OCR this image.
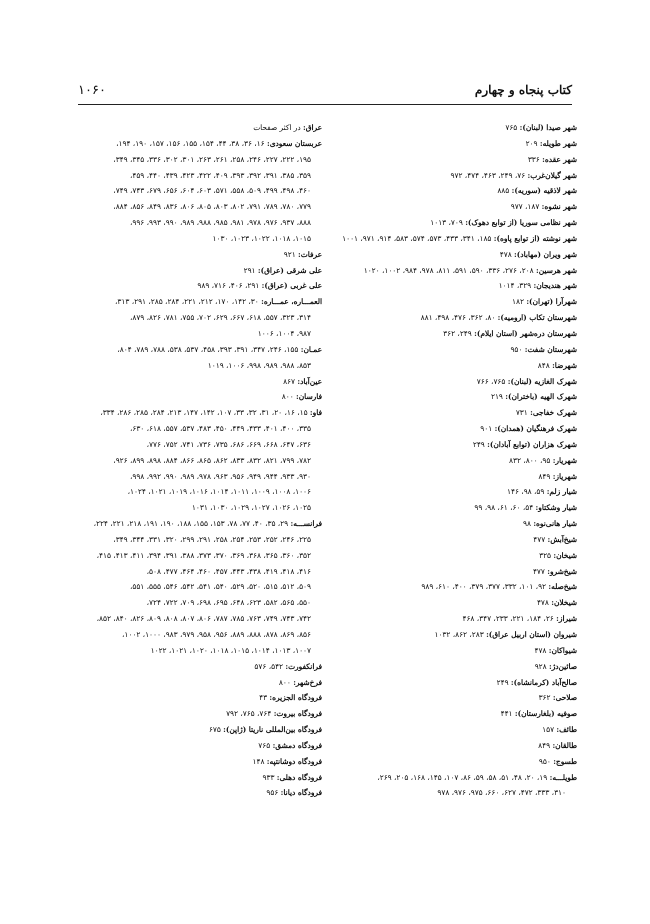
۱۰۶۰	کتاب پنجاه و چهارم
شهر صیدا (لبنان): ۷۶۵
شهر طویله: ۲۰۹
شهر عقده: ۳۳۶
شهر گیلان‌غرب: ۷۶، ۲۴۹، ۴۶۳، ۴۷۴، ۹۷۲
شهر لاذقیه (سوریه): ۸۸۵
شهر نشوه: ۱۸۷، ۹۷۷
شهر نظامی سوریا (از توابع دهوک): ۷۰۹، ۱۰۱۳
شهر نوشته (از توابع پاوه): ۱۸۵، ۳۴۱، ۴۳۳، ۵۷۳، ۵۷۴، ۵۸۳، ۹۱۴، ۹۷۱، ۱۰۰۱
شهر ویران (مهاباد): ۴۷۸
شهر هرسین: ۲۰۸، ۲۷۶، ۳۳۶، ۵۹۰، ۵۹۱، ۸۱۱، ۹۷۸، ۹۸۴، ۱۰۰۲، ۱۰۲۰
شهر هندیجان: ۳۲۹، ۱۰۱۴
شهرآرا (تهران): ۱۸۲
شهرستان تکاب (ارومیه): ۸۰، ۳۶۲، ۴۷۶، ۴۹۸، ۸۸۱
شهرستان دره‌شهر (استان ایلام): ۲۴۹، ۳۶۲
شهرستان شفت: ۹۵۰
شهرضا: ۸۴۸
شهرک الغازیه (لبنان): ۷۶۵، ۷۶۶
شهرک الهیه (باختران): ۲۱۹
شهرک خفاجی: ۷۳۱
شهرک فرهنگیان (همدان): ۹۰۱
شهرک هزاران (توابع آبادان): ۲۴۹
شهریار: ۹۵، ۸۰۰، ۸۳۲
شهریاز: ۸۴۹
شیار زلم: ۵۹، ۹۸، ۱۴۶
شیار وشکتاو: ۵۴، ۶۰، ۶۱، ۹۸، ۹۹
شیار هانی‌نوه: ۹۸
شیخ‌آبش: ۴۷۷
شیخان: ۳۲۵
شیخ‌شرو: ۴۷۷
شیخ‌صله: ۹۲، ۱۰۱، ۳۳۲، ۳۷۷، ۳۷۹، ۴۰۰، ۶۱۰، ۹۸۹
شیخلان: ۴۷۸
شیراز: ۲۶، ۱۸۴، ۲۲۱، ۲۳۳، ۳۴۷، ۴۶۸
شیروان (استان اربیل عراق): ۲۸۳، ۸۶۲، ۱۰۳۲
شیواکان: ۴۷۸
صائین‌دژ: ۹۲۸
صالح‌آباد (کرمانشاه): ۲۴۹
صلاحی: ۳۶۲
صوفیه (بلغارستان): ۴۴۱
طائف: ۱۵۷
طالقان: ۸۴۹
طسوج: ۹۵۰
طویلـــه: ۱۹، ۲۰، ۴۸، ۵۱، ۵۸، ۵۹، ۸۶، ۱۰۷، ۱۴۵، ۱۶۸، ۲۰۵، ۲۶۹،
۳۱۰، ۳۳۳، ۴۷۲، ۶۲۷، ۶۶۰، ۹۷۵، ۹۷۶، ۹۷۸
عراق: در اکثر صفحات
عربستان سعودی: ۱۶، ۳۶، ۳۸، ۴۴، ۱۵۴، ۱۵۵، ۱۵۶، ۱۵۷، ۱۹۰، ۱۹۴،
۱۹۵، ۲۲۲، ۲۲۷، ۲۴۶، ۲۵۸، ۲۶۱، ۲۶۳، ۳۰۱، ۳۰۲، ۳۳۶، ۳۴۵، ۳۴۹،
۳۵۹، ۳۸۵، ۳۹۱، ۳۹۲، ۳۹۳، ۴۰۹، ۴۲۲، ۴۲۳، ۴۳۹، ۴۴۰، ۴۵۹،
۴۶۰، ۴۹۸، ۴۹۹، ۵۰۹، ۵۵۸، ۵۷۱، ۶۰۳، ۶۰۴، ۶۵۶، ۶۷۹، ۷۴۳، ۷۴۹،
۷۷۹، ۷۸۰، ۷۸۹، ۷۹۱، ۸۰۲، ۸۰۳، ۸۰۵، ۸۰۶، ۸۳۶، ۸۴۹، ۸۵۶، ۸۸۴،
۸۸۸، ۹۳۷، ۹۷۶، ۹۷۸، ۹۸۱، ۹۸۵، ۹۸۸، ۹۸۹، ۹۹۰، ۹۹۳، ۹۹۶،
۱۰۱۵، ۱۰۱۸، ۱۰۲۲، ۱۰۲۳، ۱۰۳۰
عرفات: ۹۲۱
علی شرقی (عراق): ۲۹۱
علی غربی (عراق): ۲۹۱، ۴۰۶، ۷۱۶، ۹۸۹
العمـــاره، عمـــاره: ۳۰، ۱۴۲، ۱۷۰، ۲۱۲، ۲۲۱، ۲۸۴، ۲۸۵، ۲۹۱، ۳۱۳،
۳۱۴، ۳۲۳، ۵۵۷، ۶۱۸، ۶۶۷، ۶۲۹، ۷۰۲، ۷۵۵، ۷۸۱، ۸۲۶، ۸۷۹،
۹۸۷، ۱۰۰۴، ۱۰۰۶
عمـان: ۱۵۵، ۲۴۶، ۳۴۷، ۳۹۱، ۳۹۳، ۴۵۸، ۵۳۷، ۵۳۸، ۷۸۸، ۷۸۹، ۸۰۴،
۸۵۳، ۹۸۸، ۹۸۹، ۹۹۸، ۱۰۰۶، ۱۰۱۹
عین‌آباد: ۸۶۷
فارسان: ۸۰۰
فاو: ۱۵، ۱۶، ۲۰، ۳۱، ۳۲، ۳۳، ۱۰۷، ۱۴۲، ۱۴۷، ۲۱۳، ۲۸۴، ۲۸۵، ۲۸۶، ۳۳۴،
۳۳۵، ۴۰۰، ۴۰۱، ۴۳۳، ۴۴۹، ۴۵۰، ۴۸۳، ۵۳۷، ۵۵۷، ۶۱۸، ۶۳۰،
۶۳۶، ۶۴۷، ۶۶۸، ۶۶۹، ۶۸۶، ۷۳۵، ۷۳۶، ۷۴۱، ۷۵۲، ۷۷۶،
۷۸۲، ۷۹۹، ۸۲۱، ۸۳۲، ۸۳۳، ۸۶۲، ۸۶۵، ۸۶۶، ۸۸۴، ۸۹۸، ۸۹۹، ۹۲۶،
۹۳۰، ۹۳۳، ۹۴۴، ۹۴۹، ۹۵۶، ۹۶۳، ۹۷۸، ۹۸۹، ۹۹۰، ۹۹۲، ۹۹۸،
۱۰۰۶، ۱۰۰۸، ۱۰۰۹، ۱۰۱۱، ۱۰۱۴، ۱۰۱۶، ۱۰۱۹، ۱۰۲۱، ۱۰۲۴،
۱۰۲۵، ۱۰۲۶، ۱۰۲۷، ۱۰۲۹، ۱۰۳۰، ۱۰۳۱
فرانســـه: ۲۹، ۳۵، ۴۰، ۷۷، ۷۸، ۱۵۳، ۱۵۵، ۱۸۸، ۱۹۰، ۱۹۱، ۲۱۸، ۲۲۱، ۲۲۴،
۲۲۵، ۲۴۶، ۲۵۲، ۲۵۳، ۲۵۴، ۲۵۸، ۲۹۱، ۲۹۹، ۳۲۰، ۳۳۱، ۳۴۴، ۳۴۹،
۳۵۲، ۳۶۰، ۳۶۵، ۳۶۸، ۳۶۹، ۳۷۰، ۳۷۳، ۳۸۸، ۳۹۱، ۳۹۴، ۴۱۱، ۴۱۳، ۴۱۵،
۴۱۶، ۴۱۸، ۴۱۹، ۴۳۸، ۴۴۳، ۴۵۷، ۴۶۰، ۴۶۴، ۴۷۷، ۵۰۸،
۵۰۹، ۵۱۲، ۵۱۵، ۵۲۰، ۵۲۹، ۵۴۰، ۵۴۱، ۵۴۲، ۵۴۶، ۵۵۵، ۵۵۱،
۵۵۰، ۵۶۵، ۵۸۲، ۶۲۳، ۶۴۸، ۶۹۵، ۶۹۸، ۷۰۹، ۷۲۲، ۷۲۴،
۷۴۲، ۷۴۳، ۷۴۹، ۷۶۳، ۷۸۵، ۷۸۷، ۸۰۶، ۸۰۷، ۸۰۸، ۸۰۹، ۸۲۶، ۸۴۰، ۸۵۲،
۸۵۶، ۸۶۹، ۸۷۸، ۸۸۸، ۸۸۹، ۹۵۶، ۹۵۸، ۹۷۹، ۹۸۳، ۱۰۰۰، ۱۰۰۲،
۱۰۰۷، ۱۰۱۳، ۱۰۱۴، ۱۰۱۵، ۱۰۱۸، ۱۰۲۰، ۱۰۲۱، ۱۰۲۲
فرانکفورت: ۵۴۲، ۵۷۶
فرخ‌شهر: ۸۰۰
فرودگاه الجزیره: ۴۳
فرودگاه بیروت: ۷۶۴، ۷۶۵، ۷۹۲
فرودگاه بین‌المللی ناریتا (ژاپن): ۶۷۵
فرودگاه دمشق: ۷۶۵
فرودگاه دوشانتپه: ۱۴۸
فرودگاه دهلی: ۹۳۳
فرودگاه دیانا: ۹۵۶
